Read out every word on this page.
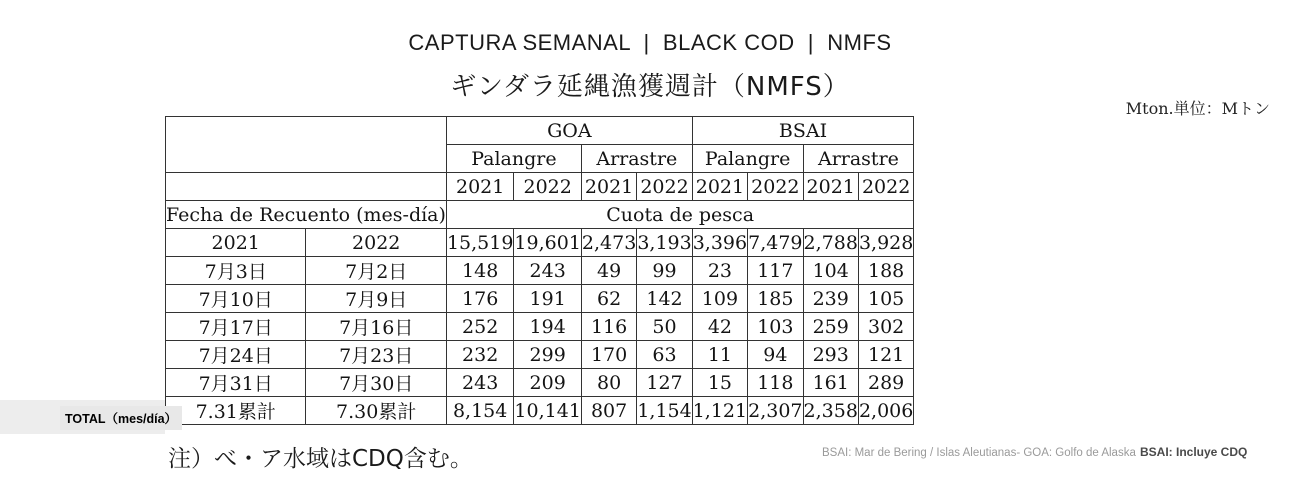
CAPTURA SEMANAL  |  BLACK COD  |  NMFS
ギンダラ延縄漁獲週計（NMFS）
Mton.単位：Mトン
		GOA				BSAI			
		Palangre		Arrastre		Palangre		Arrastre	
		2021	2022	2021	2022	2021	2022	2021	2022
Fecha de Recuento (mes-día)		Cuota de pesca							
2021	2022	15,519	19,601	2,473	3,193	3,396	7,479	2,788	3,928
7月3日	7月2日	148	243	49	99	23	117	104	188
7月10日	7月9日	176	191	62	142	109	185	239	105
7月17日	7月16日	252	194	116	50	42	103	259	302
7月24日	7月23日	232	299	170	63	11	94	293	121
7月31日	7月30日	243	209	80	127	15	118	161	289
7.31累計	7.30累計	8,154	10,141	807	1,154	1,121	2,307	2,358	2,006
TOTAL（mes/día）
注）べ・ア水域はCDQ含む。	BSAI: Mar de Bering / Islas Aleutianas- GOA: Golfo de Alaska BSAI: Incluye CDQ
